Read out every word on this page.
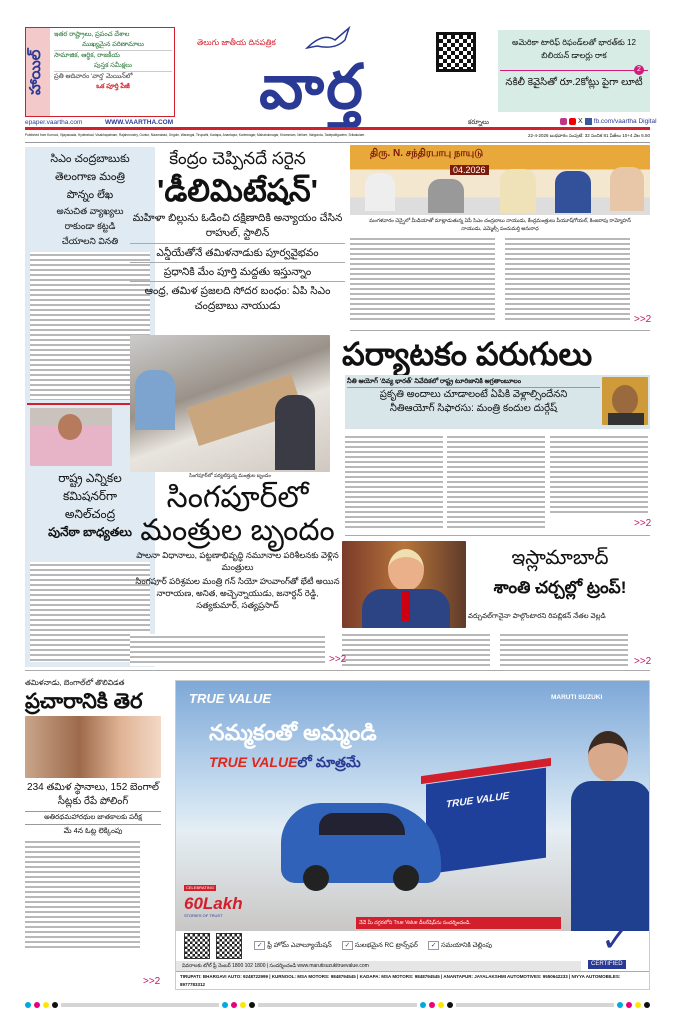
హాయిల్
ఇతర రాష్ట్రాలు, ప్రపంచ దేశాల
ముఖ్యమైన పరిణామాలు
సామాజిక, ఆర్థిక, రాజకీయ
పుస్తక సమీక్షలు
ప్రతి ఆదివారం 'వార్త' మెయిన్‌లో
ఒక పూర్తి పేజీ
epaper.vaartha.com	WWW.VAARTHA.COM
తెలుగు జాతీయ దినపత్రిక
వార్త
కర్నూలు	X fb.com/vaartha Digital
అమెరికా టారిఫ్ రిఫండ్‌లతో భారత్‌కు 12 బిలియన్ డాలర్లు రాక
2
నకిలీ కెవైసితో రూ.2కోట్లు పైగా లూటీ
Published from Kurnool, Vijayawada, Hyderabad, Visakhapatnam, Rajahmundry, Guntur, Nizamabad, Ongole, Warangal, Tirupathi, Kadapa, Anantapur, Karimnagar, Mahabubnagar, Khammam, Nellore, Nalgonda, Tadepalligudem, Srikakulam	22-4-2026 బుధవారం సంపుటి: 32 సంచిక 81 పేజీలు 10+4 వెల 6.50
సిఎం చంద్రబాబుకు
తెలంగాణ మంత్రి
పొన్నం లేఖ
అనుచిత వ్యాఖ్యలు
రాకుండా కట్టడి
చేయాలని వినతి
రాష్ట్ర ఎన్నికల
కమిషనర్‌గా
అనిల్‌చంద్ర
పునేఠా బాధ్యతలు
కేంద్రం చెప్పినదే సరైన
'డీలిమిటేషన్'
మహిళా బిల్లును ఓడించి దక్షిణాదికి అన్యాయం చేసిన రాహుల్, స్టాలిన్
ఎన్డీయేతోనే తమిళనాడుకు పూర్వవైభవం
ప్రధానికి మేం పూర్తి మద్దతు ఇస్తున్నాం
ఆంధ్ర, తమిళ ప్రజలది సోదర బంధం: ఏపి సిఎం చంద్రబాబు నాయుడు
திரு. N. சந்திரபாபு நாயுடு
04.2026
మంగళవారం చెన్నైలో మీడియాతో మాట్లాడుతున్న ఏపీ సిఎం చంద్రబాబు నాయుడు, కేంద్రమంత్రులు పీయూష్‌గోయల్, కింజరాపు రామ్మోహన్ నాయుడు, ఎమ్మెల్సీ పంచుమర్తి అనురాధ
>>2
సింగపూర్‌లో పర్యటిస్తున్న మంత్రుల బృందం
సింగపూర్‌లో
మంత్రుల బృందం
పాలనా విధానాలు, పట్టణాభివృద్ధి నమూనాల పరిశీలనకు వెళ్లిన మంత్రులు
సింగపూర్ పరిశ్రమల మంత్రి గన్ సియో హువాంగ్‌తో భేటీ అయిన నారాయణ, అనిత, అచ్చెన్నాయుడు, జనార్దన్ రెడ్డి, సత్యకుమార్, సత్యప్రసాద్
>>2
పర్యాటకం పరుగులు
నీతి ఆయోగ్ 'దివ్య భారత్' నివేదికలో రాష్ట్ర టూరిజానికి అగ్రతాంబూలం
ప్రకృతి అందాలు చూడాలంటే ఏపికి వెళ్లాల్సిందేనని
నీతిఆయోగ్ సిఫారసు: మంత్రి కందుల దుర్గేష్
>>2
ఇస్లామాబాద్
శాంతి చర్చల్లో ట్రంప్!
వర్చువల్‌గానైనా పాల్గొంటారని రిపబ్లికన్ నేతల వెల్లడి
>>2
తమిళనాడు, బెంగాల్‌లో తొలివిడత
ప్రచారానికి తెర
234 తమిళ స్థానాలు, 152 బెంగాల్ సీట్లకు రేపే పోలింగ్
అతిరథమహారథుల జాతకాలకు పరీక్ష
మే 4న ఓట్ల లెక్కింపు
>>2
TRUE VALUE	MARUTI SUZUKI
నమ్మకంతో అమ్మండి
TRUE VALUEలో మాత్రమే
TRUE VALUE
CELEBRATING
60Lakh
STORIES OF TRUST
నేడే మీ దగ్గరలోని True Value డీలర్‌షిప్‌ను సందర్శించండి.
✓ ఫ్రీ హోమ్ ఎవాల్యూయేషన్	✓ సులభమైన RC ట్రాన్స్‌ఫర్	✓ సమయానికి చెల్లింపు	✓
వివరాలకు టోల్ ఫ్రీ నెంబర్ 1800 102 1800 | సందర్శించండి www.marutisuzukitruevalue.com	CERTIFIED
TIRUPATI: BHARGAVI AUTO: 9248722999 | KURNOOL: MSA MOTORS: 9848794545 | KADAPA: MSA MOTORS: 9848794545 | ANANTAPUR: JAYALAKSHMI AUTOMOTIVES: 9550642233 | NIYYA AUTOMOBILES: 8977783312
